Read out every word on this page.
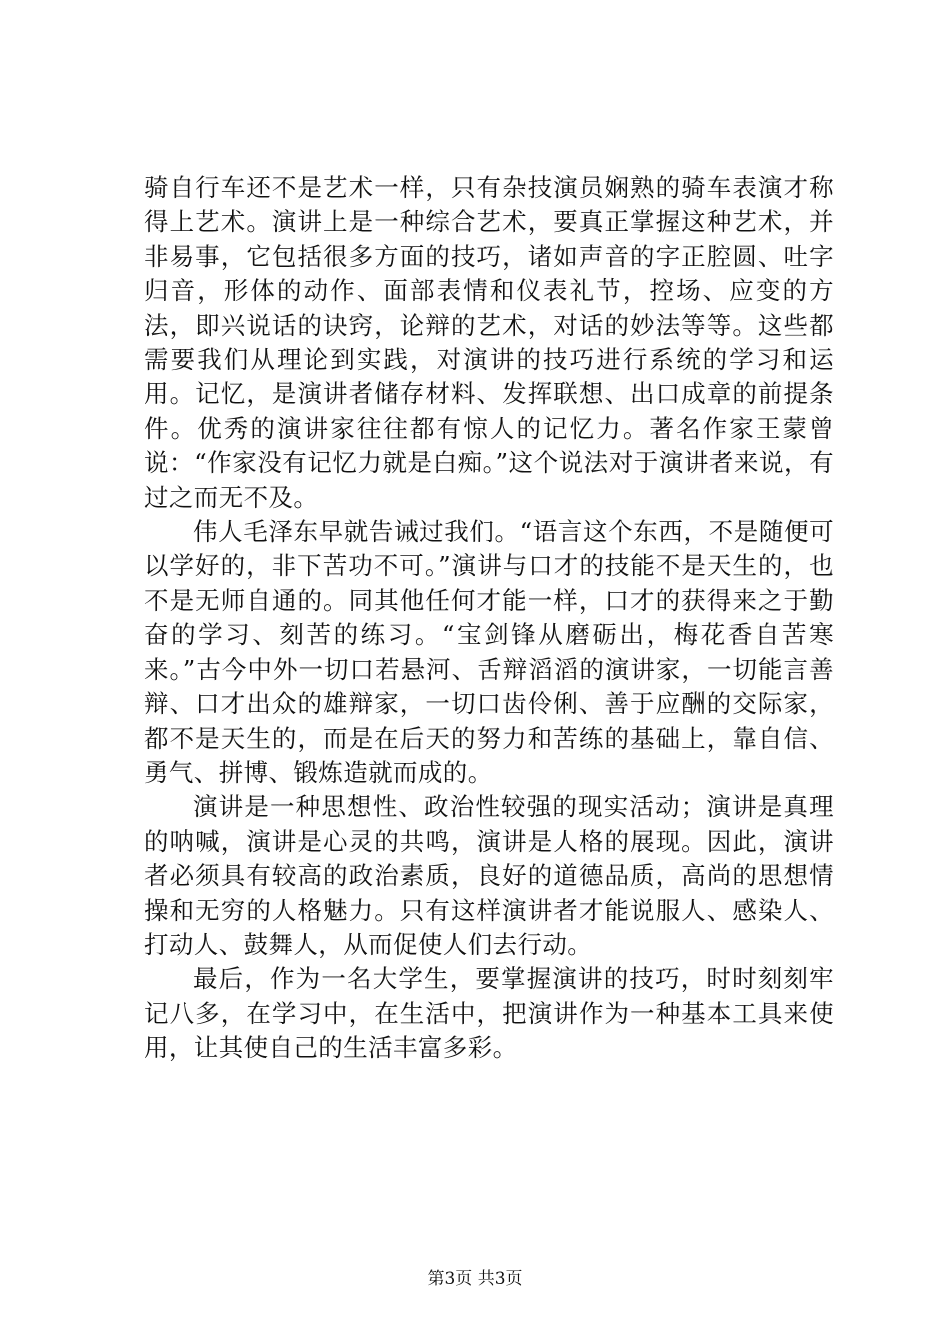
骑自行车还不是艺术一样，只有杂技演员娴熟的骑车表演才称得上艺术。演讲上是一种综合艺术，要真正掌握这种艺术，并非易事，它包括很多方面的技巧，诸如声音的字正腔圆、吐字归音，形体的动作、面部表情和仪表礼节，控场、应变的方法，即兴说话的诀窍，论辩的艺术，对话的妙法等等。这些都需要我们从理论到实践，对演讲的技巧进行系统的学习和运用。记忆，是演讲者储存材料、发挥联想、出口成章的前提条件。优秀的演讲家往往都有惊人的记忆力。著名作家王蒙曾说：“作家没有记忆力就是白痴。”这个说法对于演讲者来说，有过之而无不及。

伟人毛泽东早就告诫过我们。“语言这个东西，不是随便可以学好的，非下苦功不可。”演讲与口才的技能不是天生的，也不是无师自通的。同其他任何才能一样，口才的获得来之于勤奋的学习、刻苦的练习。“宝剑锋从磨砺出，梅花香自苦寒来。”古今中外一切口若悬河、舌辩滔滔的演讲家，一切能言善辩、口才出众的雄辩家，一切口齿伶俐、善于应酬的交际家，都不是天生的，而是在后天的努力和苦练的基础上，靠自信、勇气、拼博、锻炼造就而成的。

演讲是一种思想性、政治性较强的现实活动；演讲是真理的呐喊，演讲是心灵的共鸣，演讲是人格的展现。因此，演讲者必须具有较高的政治素质，良好的道德品质，高尚的思想情操和无穷的人格魅力。只有这样演讲者才能说服人、感染人、打动人、鼓舞人，从而促使人们去行动。

最后，作为一名大学生，要掌握演讲的技巧，时时刻刻牢记八多，在学习中，在生活中，把演讲作为一种基本工具来使用，让其使自己的生活丰富多彩。

第3页 共3页
